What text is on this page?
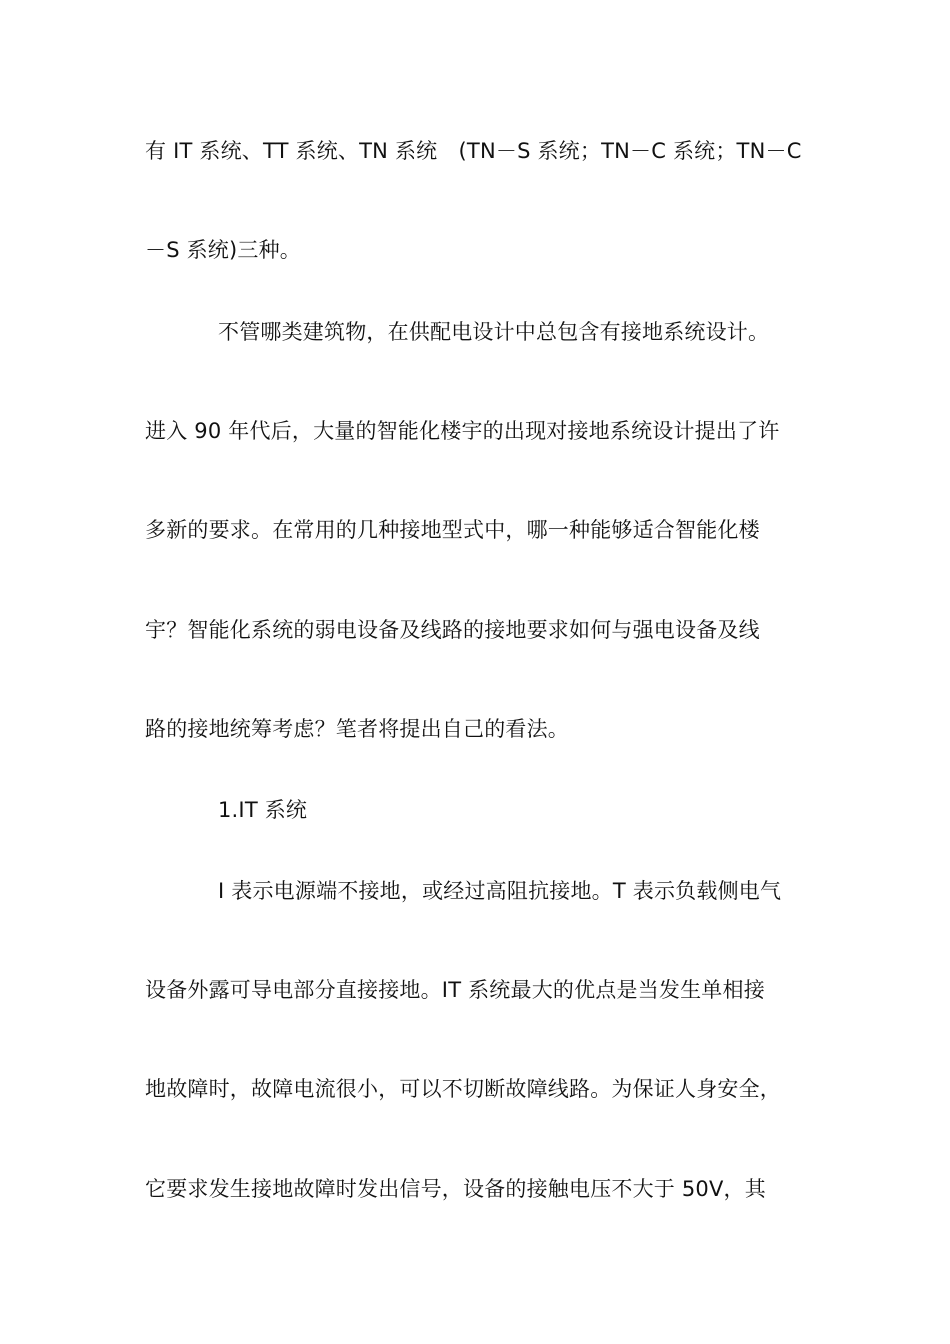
有 IT 系统、TT 系统、TN 系统　(TN－S 系统；TN－C 系统；TN－C
－S 系统)三种。
不管哪类建筑物，在供配电设计中总包含有接地系统设计。
进入 90 年代后，大量的智能化楼宇的出现对接地系统设计提出了许
多新的要求。在常用的几种接地型式中，哪一种能够适合智能化楼
宇？智能化系统的弱电设备及线路的接地要求如何与强电设备及线
路的接地统筹考虑？笔者将提出自己的看法。
1.IT 系统
I 表示电源端不接地，或经过高阻抗接地。T 表示负载侧电气
设备外露可导电部分直接接地。IT 系统最大的优点是当发生单相接
地故障时，故障电流很小，可以不切断故障线路。为保证人身安全，
它要求发生接地故障时发出信号，设备的接触电压不大于 50V，其
